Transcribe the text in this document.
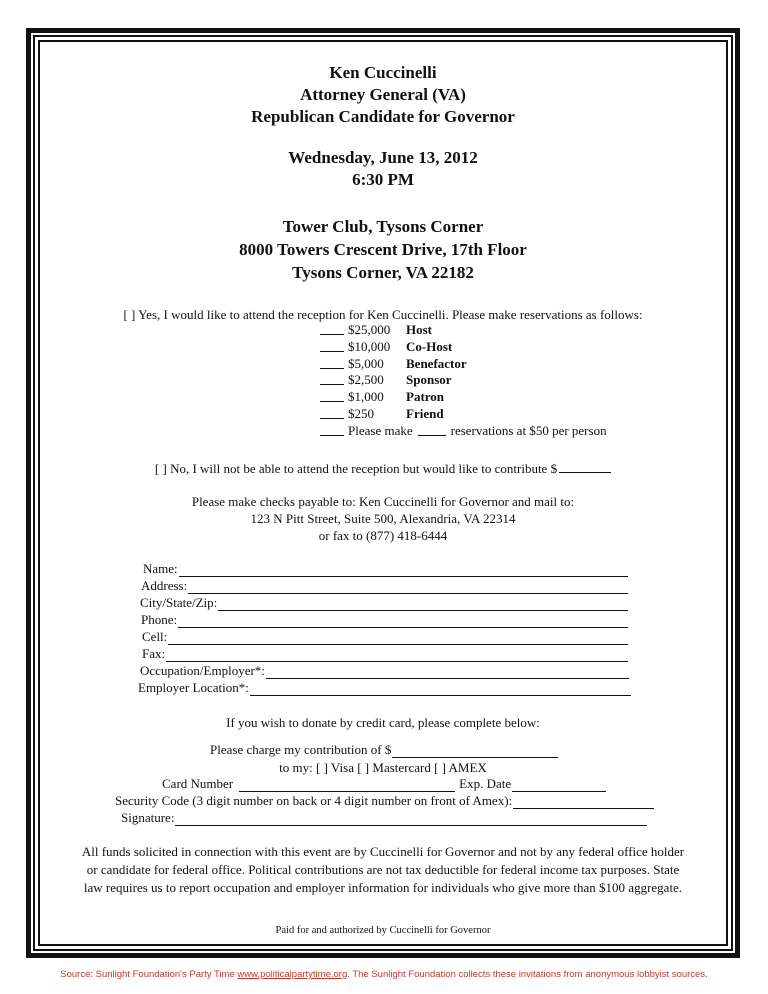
Ken Cuccinelli
Attorney General (VA)
Republican Candidate for Governor
Wednesday, June 13, 2012
6:30 PM
Tower Club, Tysons Corner
8000 Towers Crescent Drive, 17th Floor
Tysons Corner, VA 22182
[ ] Yes, I would like to attend the reception for Ken Cuccinelli. Please make reservations as follows:
$25,000	Host
$10,000	Co-Host
$5,000	Benefactor
$2,500	Sponsor
$1,000	Patron
$250	Friend
Please make	reservations at $50 per person
[ ] No, I will not be able to attend the reception but would like to contribute $
Please make checks payable to: Ken Cuccinelli for Governor and mail to:
123 N Pitt Street, Suite 500, Alexandria, VA 22314
or fax to (877) 418-6444
Name:
Address:
City/State/Zip:
Phone:
Cell:
Fax:
Occupation/Employer*:
Employer Location*:
If you wish to donate by credit card, please complete below:
Please charge my contribution of $
to my: [ ] Visa [ ] Mastercard [ ] AMEX
Card Number	Exp. Date
Security Code (3 digit number on back or 4 digit number on front of Amex):
Signature:
All funds solicited in connection with this event are by Cuccinelli for Governor and not by any federal office holder
or candidate for federal office. Political contributions are not tax deductible for federal income tax purposes. State
law requires us to report occupation and employer information for individuals who give more than $100 aggregate.
Paid for and authorized by Cuccinelli for Governor
Source: Sunlight Foundation's Party Time www.politicalpartytime.org. The Sunlight Foundation collects these invitations from anonymous lobbyist sources.
